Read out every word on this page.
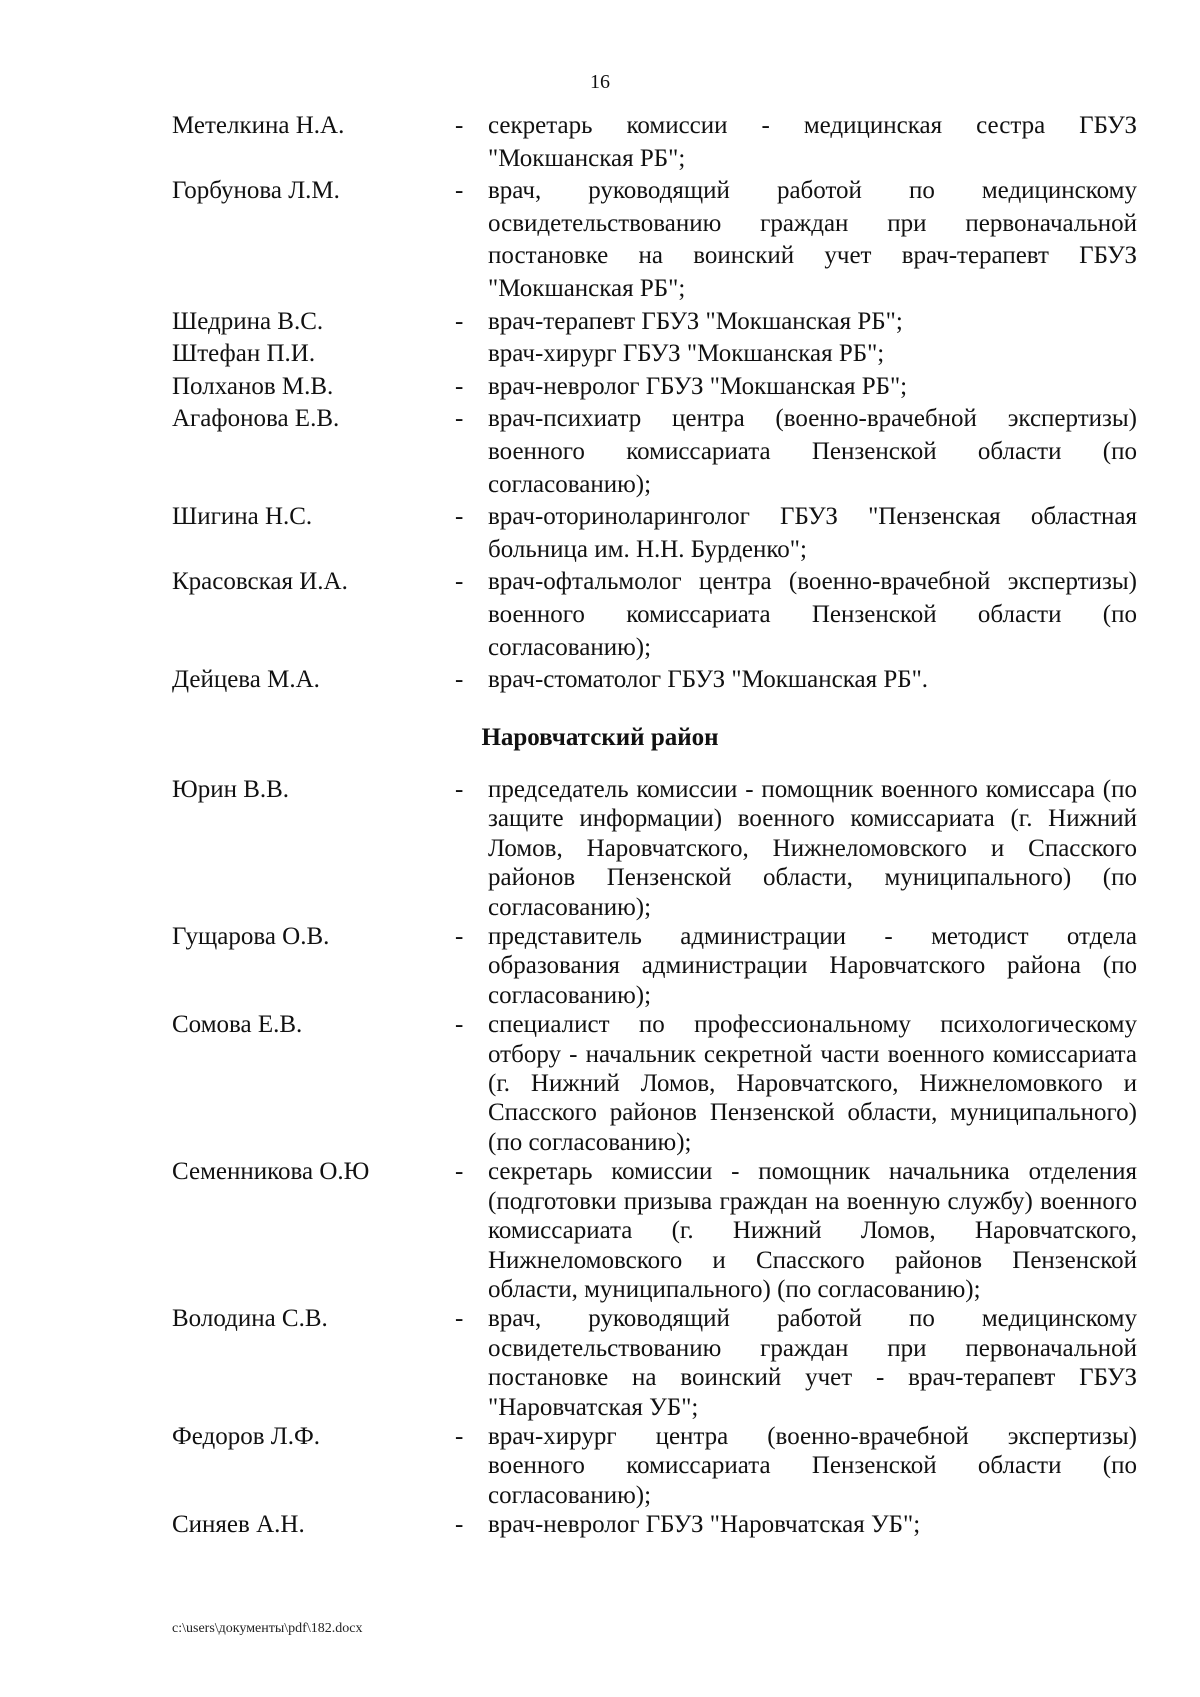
16
Метелкина Н.А.	- секретарь комиссии - медицинская сестра ГБУЗ "Мокшанская РБ";
Горбунова Л.М.	- врач, руководящий работой по медицинскому освидетельствованию граждан при первоначальной постановке на воинский учет врач-терапевт ГБУЗ "Мокшанская РБ";
Шедрина В.С.	- врач-терапевт ГБУЗ "Мокшанская РБ";
Штефан П.И.	врач-хирург ГБУЗ "Мокшанская РБ";
Полханов М.В.	- врач-невролог ГБУЗ "Мокшанская РБ";
Агафонова Е.В.	- врач-психиатр центра (военно-врачебной экспертизы) военного комиссариата Пензенской области (по согласованию);
Шигина Н.С.	- врач-оториноларинголог ГБУЗ "Пензенская областная больница им. Н.Н. Бурденко";
Красовская И.А.	- врач-офтальмолог центра (военно-врачебной экспертизы) военного комиссариата Пензенской области (по согласованию);
Дейцева М.А.	- врач-стоматолог ГБУЗ "Мокшанская РБ".
Наровчатский район
Юрин В.В.	- председатель комиссии - помощник военного комиссара (по защите информации) военного комиссариата (г. Нижний Ломов, Наровчатского, Нижнеломовского и Спасского районов Пензенской области, муниципального) (по согласованию);
Гущарова О.В.	- представитель администрации - методист отдела образования администрации Наровчатского района (по согласованию);
Сомова Е.В.	- специалист по профессиональному психологическому отбору - начальник секретной части военного комиссариата (г. Нижний Ломов, Наровчатского, Нижнеломовкого и Спасского районов Пензенской области, муниципального) (по согласованию);
Семенникова О.Ю	- секретарь комиссии - помощник начальника отделения (подготовки призыва граждан на военную службу) военного комиссариата (г. Нижний Ломов, Наровчатского, Нижнеломовского и Спасского районов Пензенской области, муниципального) (по согласованию);
Володина С.В.	- врач, руководящий работой по медицинскому освидетельствованию граждан при первоначальной постановке на воинский учет - врач-терапевт ГБУЗ "Наровчатская УБ";
Федоров Л.Ф.	- врач-хирург центра (военно-врачебной экспертизы) военного комиссариата Пензенской области (по согласованию);
Синяев А.Н.	- врач-невролог ГБУЗ "Наровчатская УБ";
c:\users\документы\pdf\182.docx
